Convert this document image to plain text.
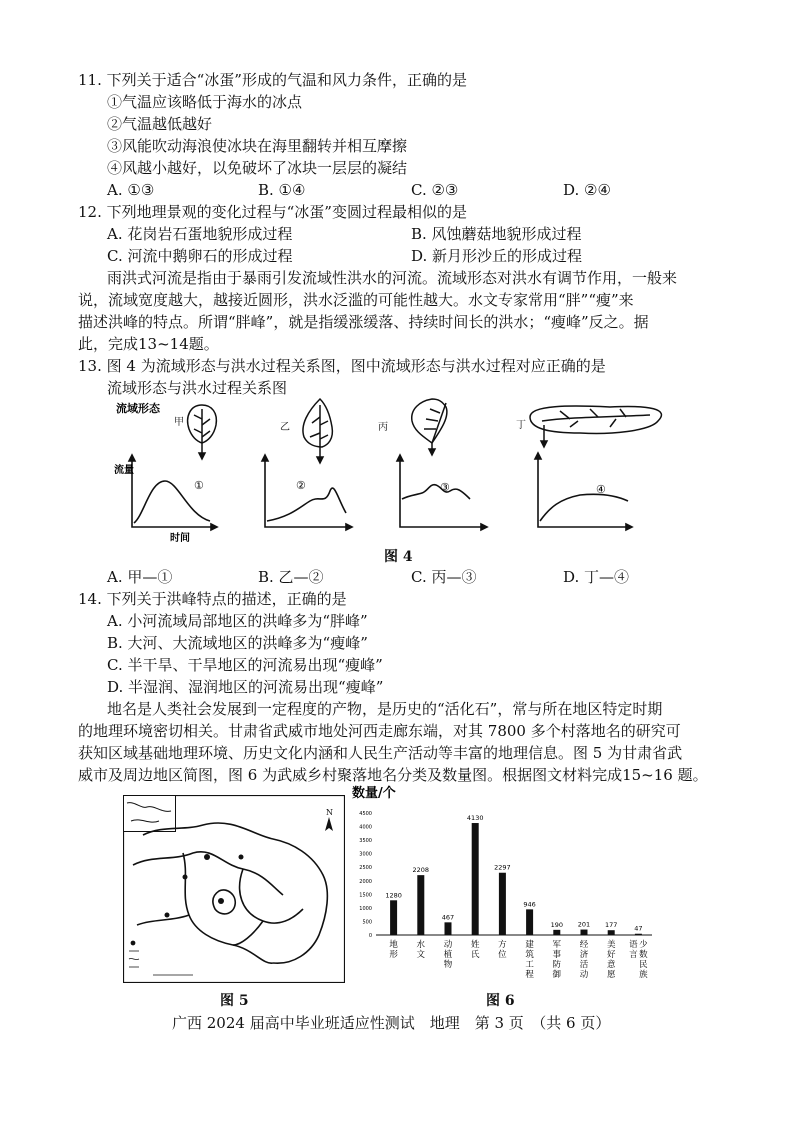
11. 下列关于适合“冰蛋”形成的气温和风力条件，正确的是
①气温应该略低于海水的冰点
②气温越低越好
③风能吹动海浪使冰块在海里翻转并相互摩擦
④风越小越好，以免破坏了冰块一层层的凝结
A. ①③	B. ①④	C. ②③	D. ②④
12. 下列地理景观的变化过程与“冰蛋”变圆过程最相似的是
A. 花岗岩石蛋地貌形成过程	B. 风蚀蘑菇地貌形成过程
C. 河流中鹅卵石的形成过程	D. 新月形沙丘的形成过程
雨洪式河流是指由于暴雨引发流域性洪水的河流。流域形态对洪水有调节作用，一般来
说，流域宽度越大，越接近圆形，洪水泛滥的可能性越大。水文专家常用“胖”“瘦”来
描述洪峰的特点。所谓“胖峰”，就是指缓涨缓落、持续时间长的洪水；“瘦峰”反之。据
此，完成13~14题。
13. 图 4 为流域形态与洪水过程关系图，图中流域形态与洪水过程对应正确的是
流域形态与洪水过程关系图
流域形态
甲	乙	丙	丁
流量
时间
①	②	③	④
图 4
A. 甲—①	B. 乙—②	C. 丙—③	D. 丁—④
14. 下列关于洪峰特点的描述，正确的是
A. 小河流域局部地区的洪峰多为“胖峰”
B. 大河、大流域地区的洪峰多为“瘦峰”
C. 半干旱、干旱地区的河流易出现“瘦峰”
D. 半湿润、湿润地区的河流易出现“瘦峰”
地名是人类社会发展到一定程度的产物，是历史的“活化石”，常与所在地区特定时期
的地理环境密切相关。甘肃省武威市地处河西走廊东端，对其 7800 多个村落地名的研究可
获知区域基础地理环境、历史文化内涵和人民生产活动等丰富的地理信息。图 5 为甘肃省武
威市及周边地区简图，图 6 为武威乡村聚落地名分类及数量图。根据图文材料完成15~16 题。
N
数量/个
0
500
1000
1500
2000
2500
3000
3500
4000
4500
1280
2208
467
4130
2297
946
190 201 177	47
地形
水文
动植物
姓氏
方位
建筑工程
军事防御
经济活动
美好意愿
少数民族语言
图 5	图 6
广西 2024 届高中毕业班适应性测试　地理　第 3 页　（共 6 页）
